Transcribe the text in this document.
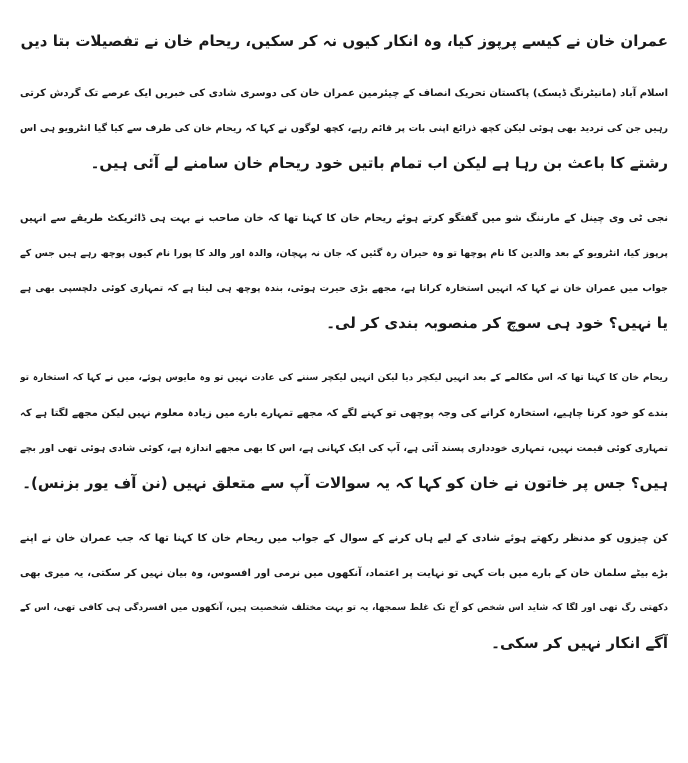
عمران خان نے کیسے پرپوز کیا، وہ انکار کیوں نہ کر سکیں، ریحام خان نے تفصیلات بتا دیں
اسلام آباد (مانیٹرنگ ڈیسک) پاکستان تحریک انصاف کے چیئرمین عمران خان کی دوسری شادی کی خبریں ایک عرصے تک گردش کرتی
رہیں جن کی تردید بھی ہوئی لیکن کچھ ذرائع اپنی بات پر قائم رہے، کچھ لوگوں نے کہا کہ ریحام خان کی طرف سے کیا گیا انٹرویو ہی اس
رشتے کا باعث بن رہا ہے لیکن اب تمام باتیں خود ریحام خان سامنے لے آئی ہیں۔
نجی ٹی وی چینل کے مارننگ شو میں گفتگو کرتے ہوئے ریحام خان کا کہنا تھا کہ خان صاحب نے بہت ہی ڈائریکٹ طریقے سے انہیں
پرپوز کیا، انٹرویو کے بعد والدین کا نام پوچھا تو وہ حیران رہ گئیں کہ جان نہ پہچان، والدہ اور والد کا پورا نام کیوں پوچھ رہے ہیں جس کے
جواب میں عمران خان نے کہا کہ انہیں استخارہ کرانا ہے، مجھے بڑی حیرت ہوئی، بندہ پوچھ ہی لیتا ہے کہ تمہاری کوئی دلچسپی بھی ہے
یا نہیں؟ خود ہی سوچ کر منصوبہ بندی کر لی۔
ریحام خان کا کہنا تھا کہ اس مکالمے کے بعد انہیں لیکچر دیا لیکن انہیں لیکچر سننے کی عادت نہیں تو وہ مایوس ہوئے، میں نے کہا کہ استخارہ تو
بندے کو خود کرنا چاہیے، استخارہ کرانے کی وجہ پوچھی تو کہنے لگے کہ مجھے تمہارے بارے میں زیادہ معلوم نہیں لیکن مجھے لگتا ہے کہ
تمہاری کوئی قیمت نہیں، تمہاری خودداری پسند آئی ہے، آپ کی ایک کہانی ہے، اس کا بھی مجھے اندازہ ہے، کوئی شادی ہوئی تھی اور بچے
ہیں؟ جس پر خاتون نے خان کو کہا کہ یہ سوالات آپ سے متعلق نہیں (نن آف یور بزنس)۔
کن چیزوں کو مدنظر رکھتے ہوئے شادی کے لیے ہاں کرنے کے سوال کے جواب میں ریحام خان کا کہنا تھا کہ جب عمران خان نے اپنے
بڑے بیٹے سلمان خان کے بارے میں بات کہی تو نہایت پر اعتماد، آنکھوں میں نرمی اور افسوس، وہ بیان نہیں کر سکتی، یہ میری بھی
دکھتی رگ تھی اور لگا کہ شاید اس شخص کو آج تک غلط سمجھا، یہ تو بہت مختلف شخصیت ہیں، آنکھوں میں افسردگی ہی کافی تھی، اس کے
آگے انکار نہیں کر سکی۔
